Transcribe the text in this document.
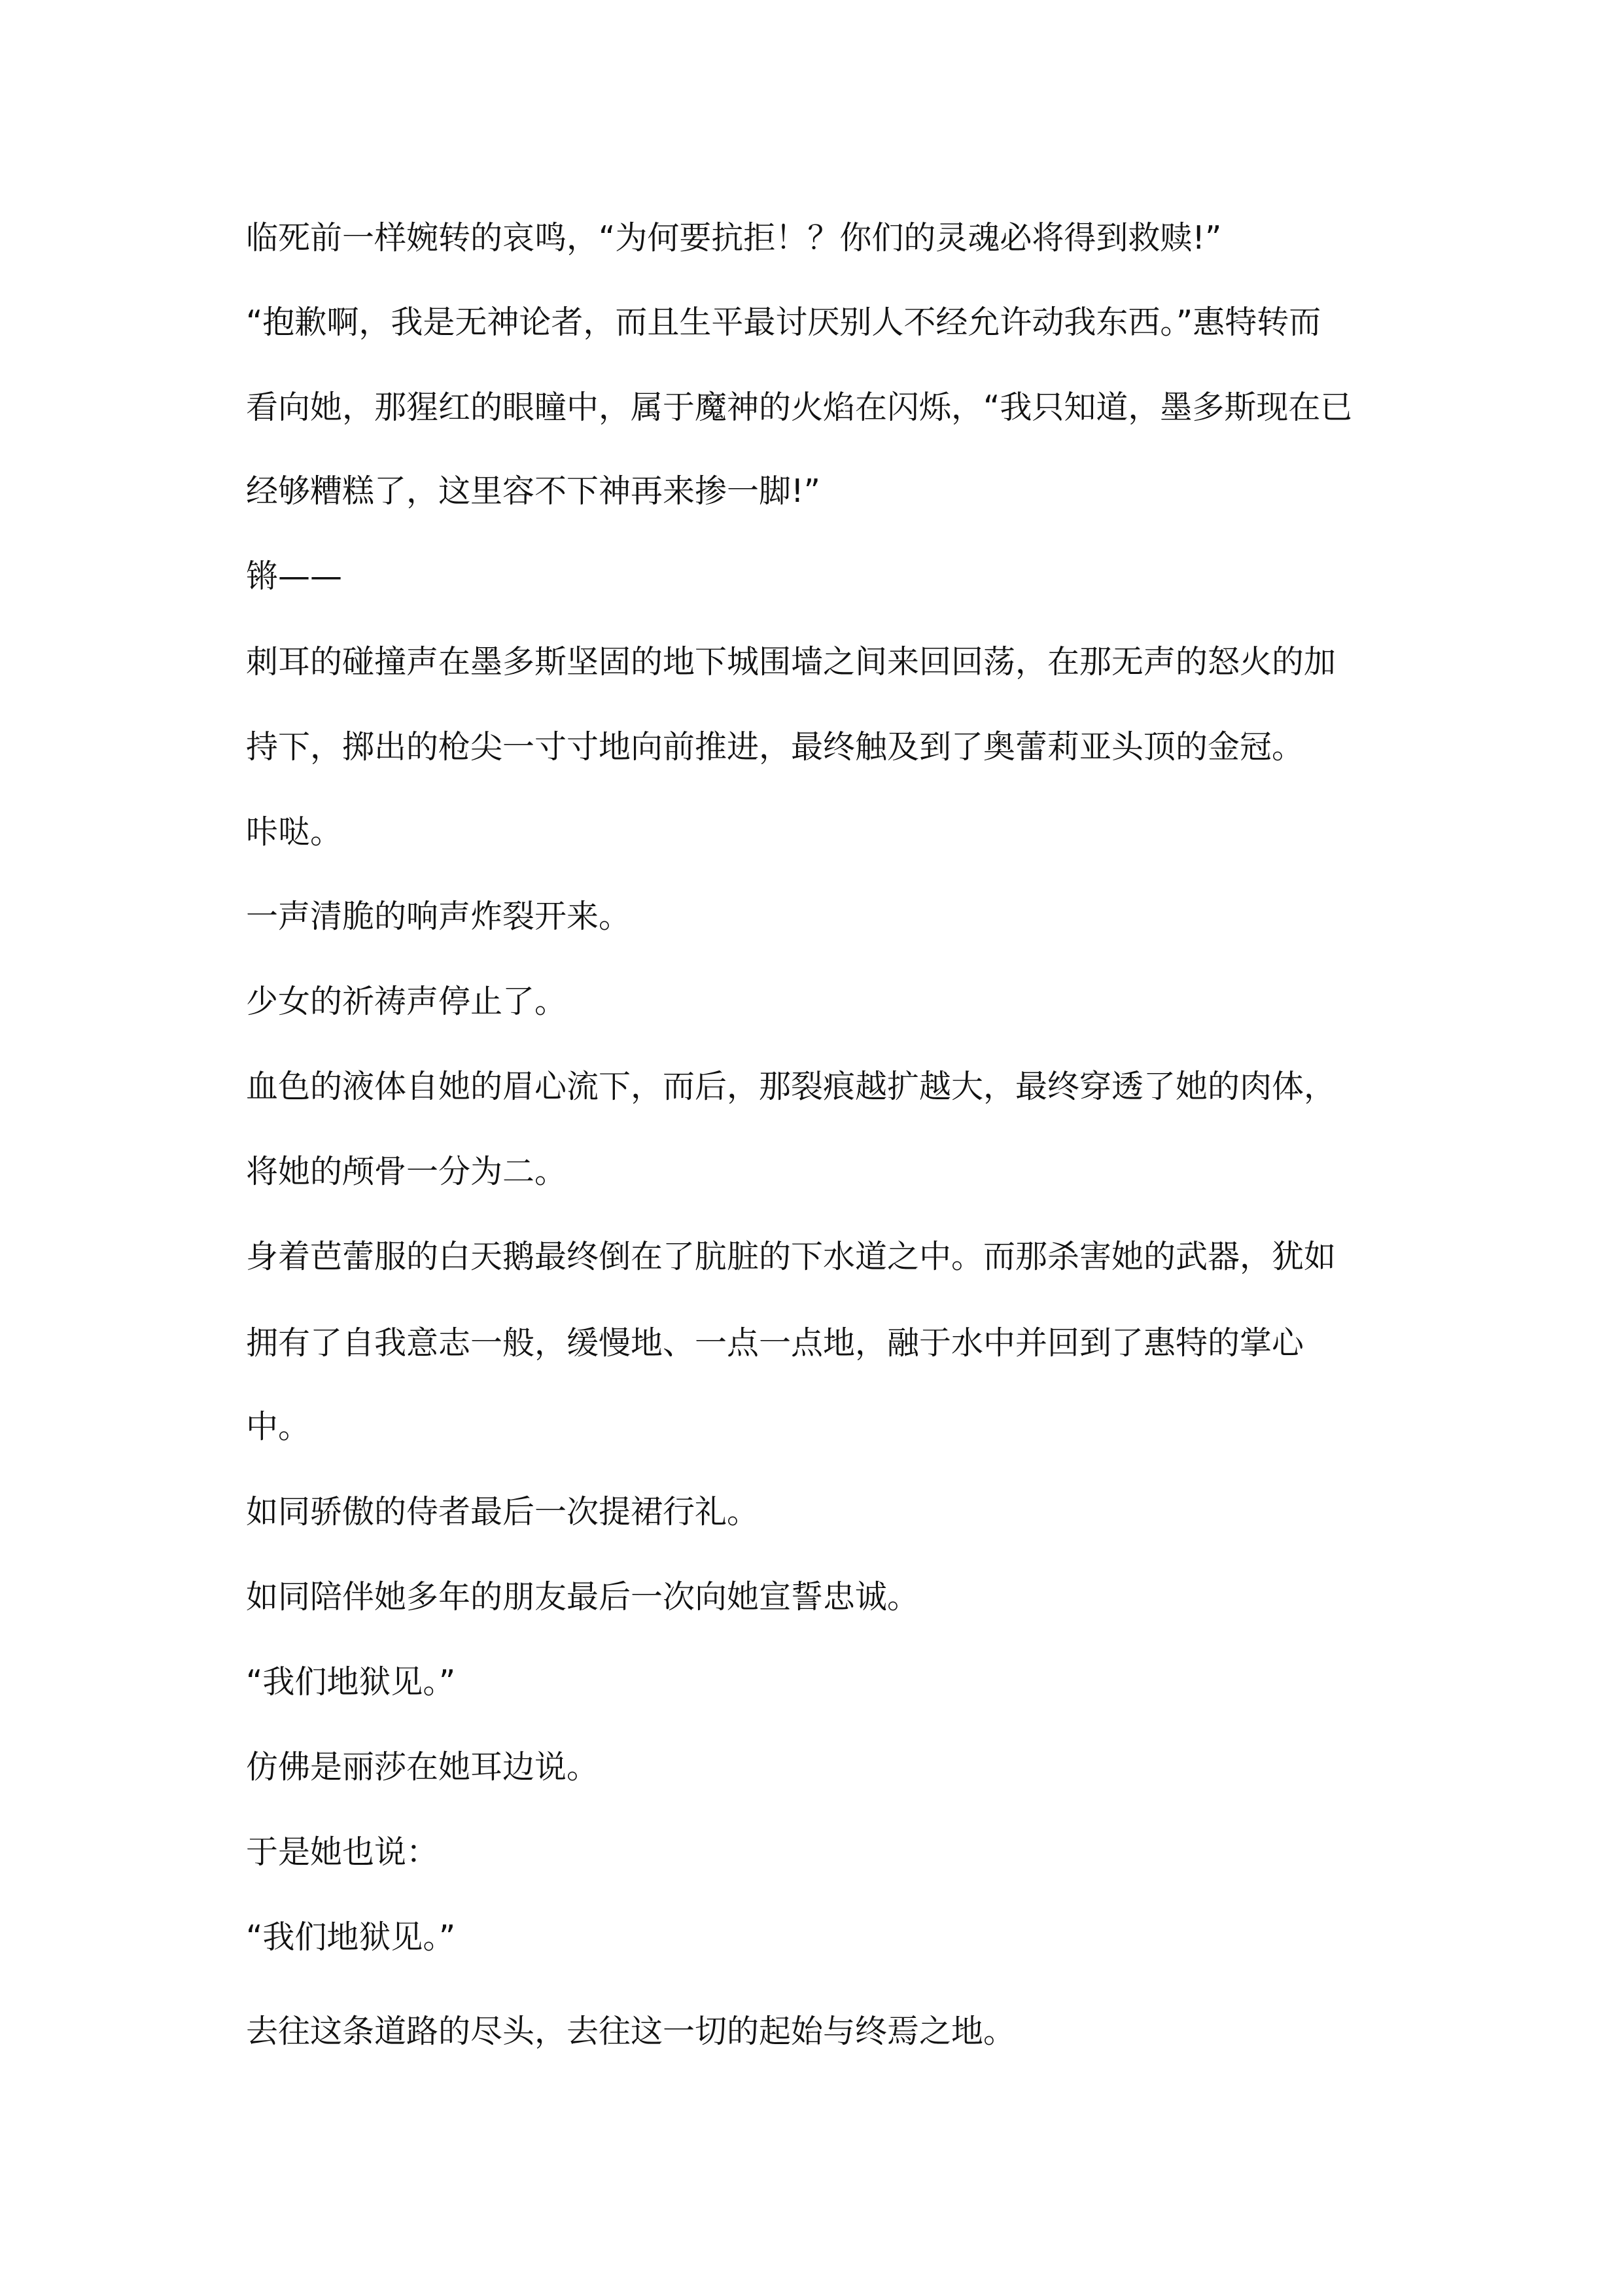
临死前一样婉转的哀鸣，“为何要抗拒！？你们的灵魂必将得到救赎!”

“抱歉啊，我是无神论者，而且生平最讨厌别人不经允许动我东西。”惠特转而

看向她，那猩红的眼瞳中，属于魔神的火焰在闪烁，“我只知道，墨多斯现在已

经够糟糕了，这里容不下神再来掺一脚!”

锵——

刺耳的碰撞声在墨多斯坚固的地下城围墙之间来回回荡，在那无声的怒火的加

持下，掷出的枪尖一寸寸地向前推进，最终触及到了奥蕾莉亚头顶的金冠。

咔哒。

一声清脆的响声炸裂开来。

少女的祈祷声停止了。

血色的液体自她的眉心流下，而后，那裂痕越扩越大，最终穿透了她的肉体，

将她的颅骨一分为二。

身着芭蕾服的白天鹅最终倒在了肮脏的下水道之中。而那杀害她的武器，犹如

拥有了自我意志一般，缓慢地、一点一点地，融于水中并回到了惠特的掌心

中。

如同骄傲的侍者最后一次提裙行礼。

如同陪伴她多年的朋友最后一次向她宣誓忠诚。

“我们地狱见。”

仿佛是丽莎在她耳边说。

于是她也说：

“我们地狱见。”

去往这条道路的尽头，去往这一切的起始与终焉之地。
